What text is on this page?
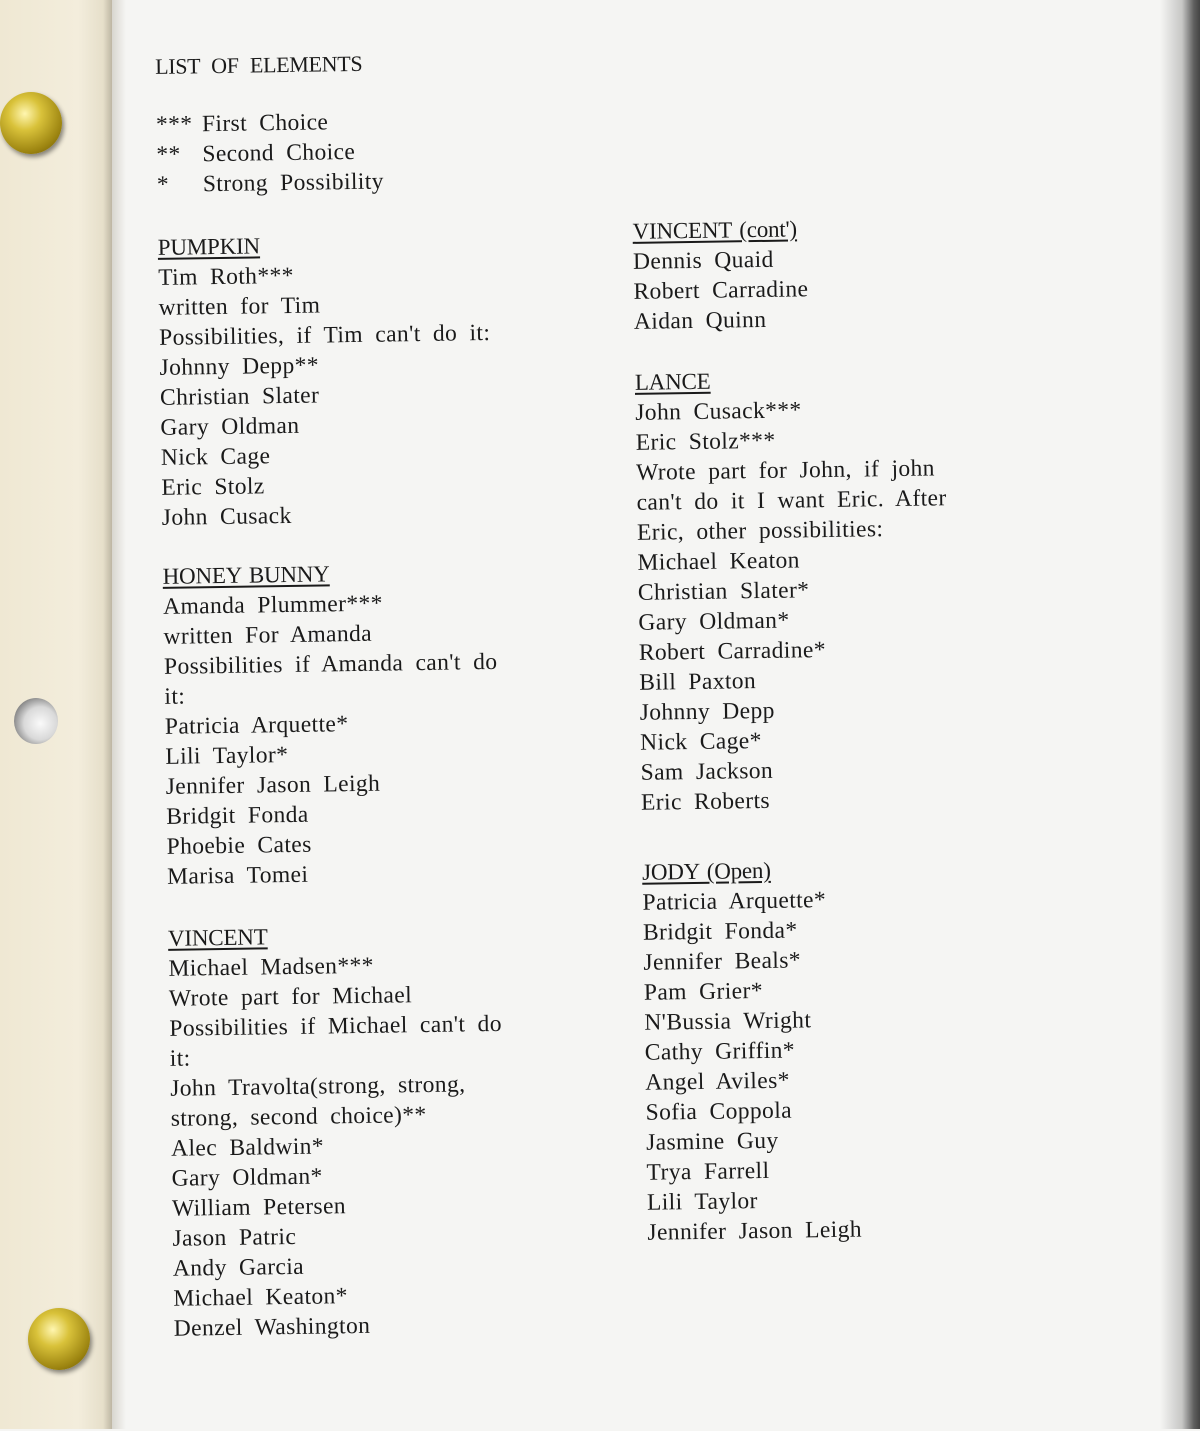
LIST OF ELEMENTS
*** First Choice
** Second Choice
*	Strong Possibility
PUMPKIN
Tim Roth***
written for Tim
Possibilities, if Tim can't do it:
Johnny Depp**
Christian Slater
Gary Oldman
Nick Cage
Eric Stolz
John Cusack
HONEY BUNNY
Amanda Plummer***
written For Amanda
Possibilities if Amanda can't do
it:
Patricia Arquette*
Lili Taylor*
Jennifer Jason Leigh
Bridgit Fonda
Phoebie Cates
Marisa Tomei
VINCENT
Michael Madsen***
Wrote part for Michael
Possibilities if Michael can't do
it:
John Travolta(strong, strong,
strong, second choice)**
Alec Baldwin*
Gary Oldman*
William Petersen
Jason Patric
Andy Garcia
Michael Keaton*
Denzel Washington
VINCENT (cont')
Dennis Quaid
Robert Carradine
Aidan Quinn
LANCE
John Cusack***
Eric Stolz***
Wrote part for John, if john
can't do it I want Eric. After
Eric, other possibilities:
Michael Keaton
Christian Slater*
Gary Oldman*
Robert Carradine*
Bill Paxton
Johnny Depp
Nick Cage*
Sam Jackson
Eric Roberts
JODY (Open)
Patricia Arquette*
Bridgit Fonda*
Jennifer Beals*
Pam Grier*
N'Bussia Wright
Cathy Griffin*
Angel Aviles*
Sofia Coppola
Jasmine Guy
Trya Farrell
Lili Taylor
Jennifer Jason Leigh
